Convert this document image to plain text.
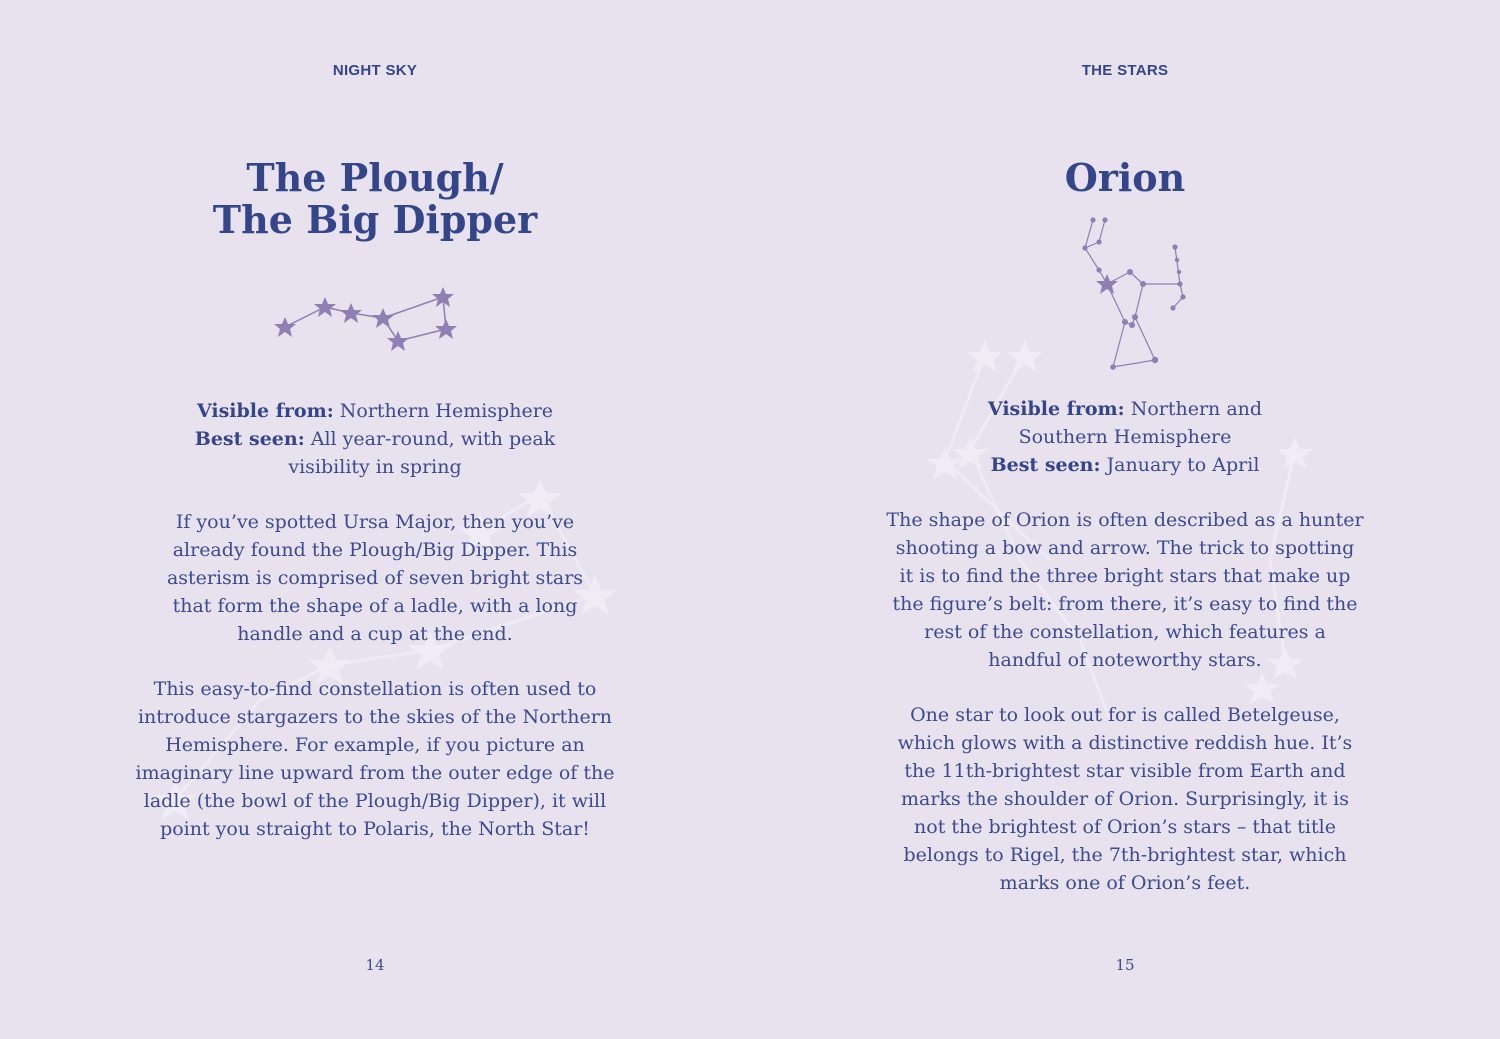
NIGHT SKY
The Plough/
The Big Dipper
Visible from: Northern Hemisphere
Best seen: All year-round, with peak
visibility in spring
If you’ve spotted Ursa Major, then you’ve
already found the Plough/Big Dipper. This
asterism is comprised of seven bright stars
that form the shape of a ladle, with a long
handle and a cup at the end.
This easy-to-find constellation is often used to
introduce stargazers to the skies of the Northern
Hemisphere. For example, if you picture an
imaginary line upward from the outer edge of the
ladle (the bowl of the Plough/Big Dipper), it will
point you straight to Polaris, the North Star!
14
THE STARS
Orion
Visible from: Northern and
Southern Hemisphere
Best seen: January to April
The shape of Orion is often described as a hunter
shooting a bow and arrow. The trick to spotting
it is to find the three bright stars that make up
the figure’s belt: from there, it’s easy to find the
rest of the constellation, which features a
handful of noteworthy stars.
One star to look out for is called Betelgeuse,
which glows with a distinctive reddish hue. It’s
the 11th-brightest star visible from Earth and
marks the shoulder of Orion. Surprisingly, it is
not the brightest of Orion’s stars – that title
belongs to Rigel, the 7th-brightest star, which
marks one of Orion’s feet.
15
